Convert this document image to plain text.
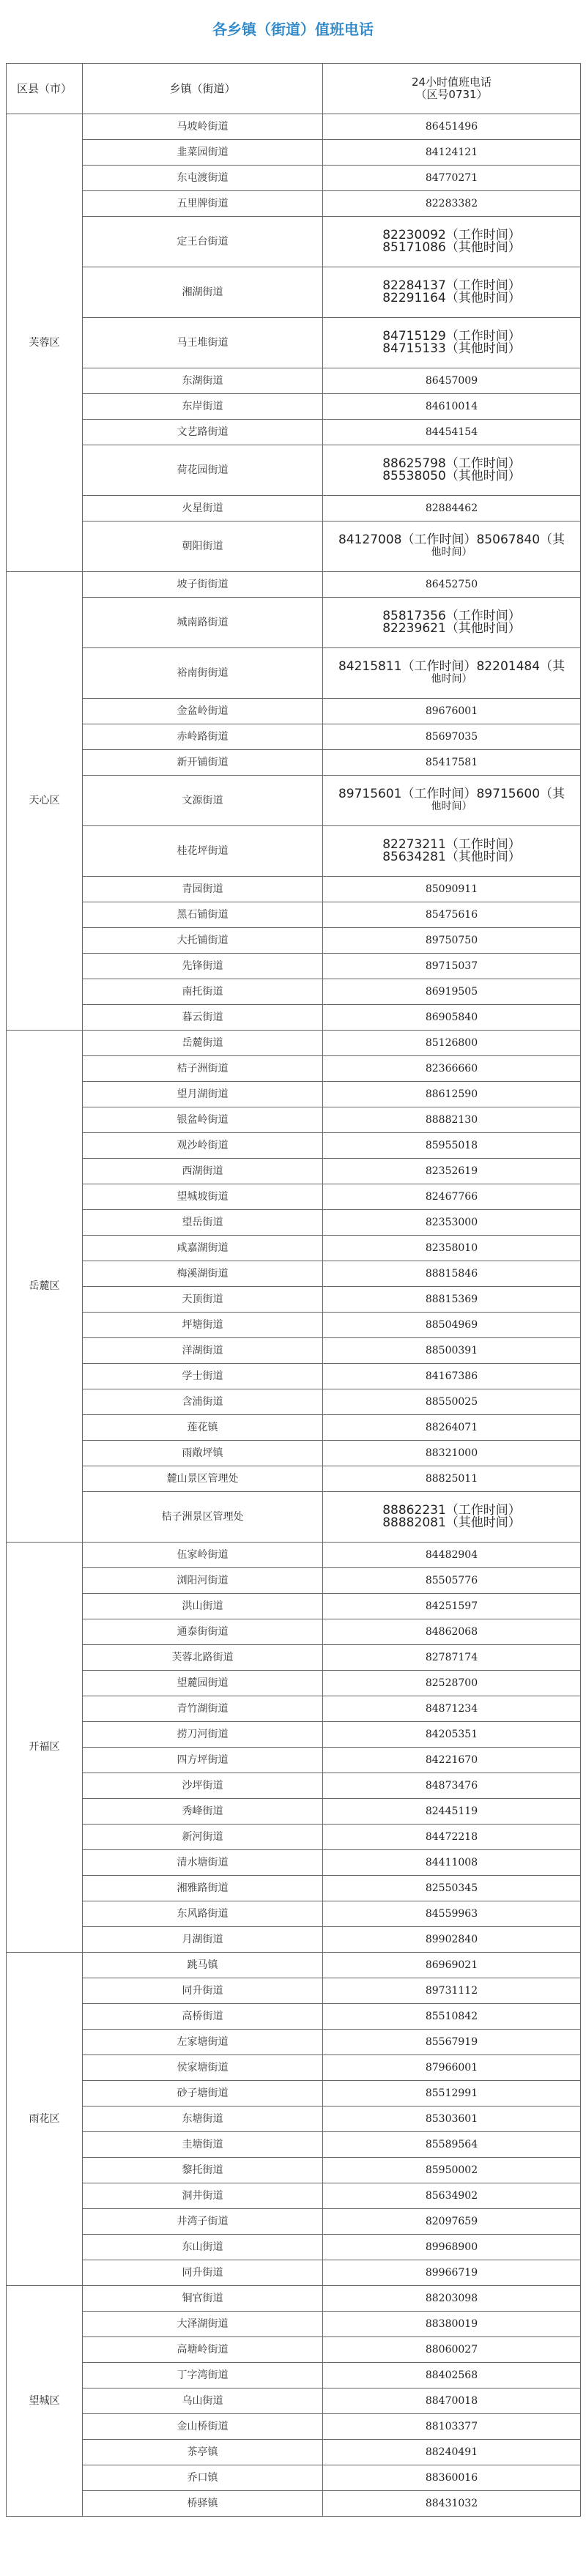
各乡镇（街道）值班电话
区县（市）	乡镇（街道）	24小时值班电话
（区号0731）

芙蓉区	马坡岭街道	86451496

	韭菜园街道	84124121

	东屯渡街道	84770271

	五里牌街道	82283382

	定王台街道	82230092（工作时间）
85171086（其他时间）

	湘湖街道	82284137（工作时间）
82291164（其他时间）

	马王堆街道	84715129（工作时间）
84715133（其他时间）

	东湖街道	86457009

	东岸街道	84610014

	文艺路街道	84454154

	荷花园街道	88625798（工作时间）
85538050（其他时间）

	火星街道	82884462

	朝阳街道	84127008（工作时间）85067840（其
他时间）

天心区	坡子街街道	86452750

	城南路街道	85817356（工作时间）
82239621（其他时间）

	裕南街街道	84215811（工作时间）82201484（其
他时间）

	金盆岭街道	89676001

	赤岭路街道	85697035

	新开铺街道	85417581

	文源街道	89715601（工作时间）89715600（其
他时间）

	桂花坪街道	82273211（工作时间）
85634281（其他时间）

	青园街道	85090911

	黑石铺街道	85475616

	大托铺街道	89750750

	先锋街道	89715037

	南托街道	86919505

	暮云街道	86905840

岳麓区	岳麓街道	85126800

	桔子洲街道	82366660

	望月湖街道	88612590

	银盆岭街道	88882130

	观沙岭街道	85955018

	西湖街道	82352619

	望城坡街道	82467766

	望岳街道	82353000

	咸嘉湖街道	82358010

	梅溪湖街道	88815846

	天顶街道	88815369

	坪塘街道	88504969

	洋湖街道	88500391

	学士街道	84167386

	含浦街道	88550025

	莲花镇	88264071

	雨敞坪镇	88321000

	麓山景区管理处	88825011

	桔子洲景区管理处	88862231（工作时间）
88882081（其他时间）

开福区	伍家岭街道	84482904

	浏阳河街道	85505776

	洪山街道	84251597

	通泰街街道	84862068

	芙蓉北路街道	82787174

	望麓园街道	82528700

	青竹湖街道	84871234

	捞刀河街道	84205351

	四方坪街道	84221670

	沙坪街道	84873476

	秀峰街道	82445119

	新河街道	84472218

	清水塘街道	84411008

	湘雅路街道	82550345

	东风路街道	84559963

	月湖街道	89902840

雨花区	跳马镇	86969021

	同升街道	89731112

	高桥街道	85510842

	左家塘街道	85567919

	侯家塘街道	87966001

	砂子塘街道	85512991

	东塘街道	85303601

	圭塘街道	85589564

	黎托街道	85950002

	洞井街道	85634902

	井湾子街道	82097659

	东山街道	89968900

	同升街道	89966719

望城区	铜官街道	88203098

	大泽湖街道	88380019

	高塘岭街道	88060027

	丁字湾街道	88402568

	乌山街道	88470018

	金山桥街道	88103377

	茶亭镇	88240491

	乔口镇	88360016

	桥驿镇	88431032
